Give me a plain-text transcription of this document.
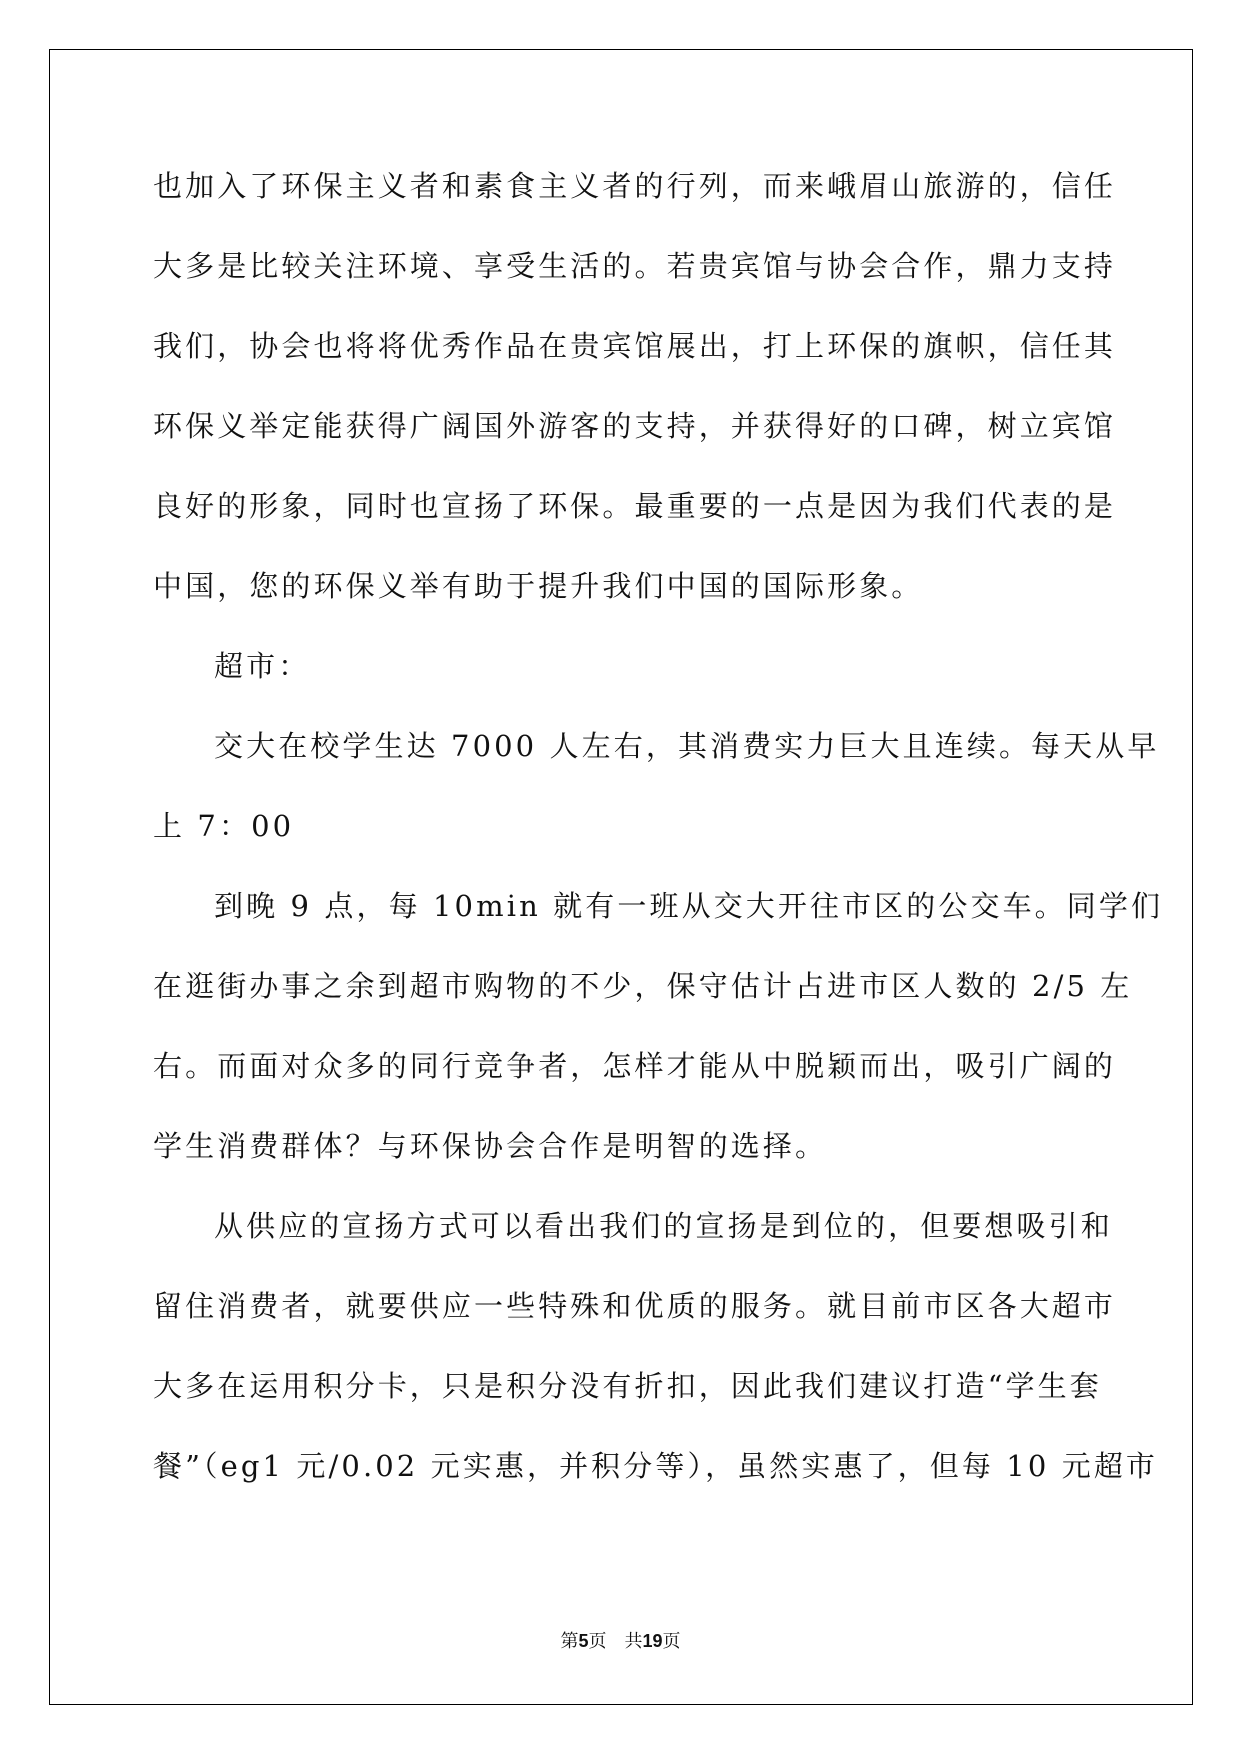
也加入了环保主义者和素食主义者的行列，而来峨眉山旅游的，信任
大多是比较关注环境、享受生活的。若贵宾馆与协会合作，鼎力支持
我们，协会也将将优秀作品在贵宾馆展出，打上环保的旗帜，信任其
环保义举定能获得广阔国外游客的支持，并获得好的口碑，树立宾馆
良好的形象，同时也宣扬了环保。最重要的一点是因为我们代表的是
中国，您的环保义举有助于提升我们中国的国际形象。
超市：
交大在校学生达 7000 人左右，其消费实力巨大且连续。每天从早
上 7：00
到晚 9 点，每 10min 就有一班从交大开往市区的公交车。同学们
在逛街办事之余到超市购物的不少，保守估计占进市区人数的 2/5 左
右。而面对众多的同行竞争者，怎样才能从中脱颖而出，吸引广阔的
学生消费群体？与环保协会合作是明智的选择。
从供应的宣扬方式可以看出我们的宣扬是到位的，但要想吸引和
留住消费者，就要供应一些特殊和优质的服务。就目前市区各大超市
大多在运用积分卡，只是积分没有折扣，因此我们建议打造“学生套
餐”（eg1 元/0.02 元实惠，并积分等），虽然实惠了，但每 10 元超市
第5页 共19页
